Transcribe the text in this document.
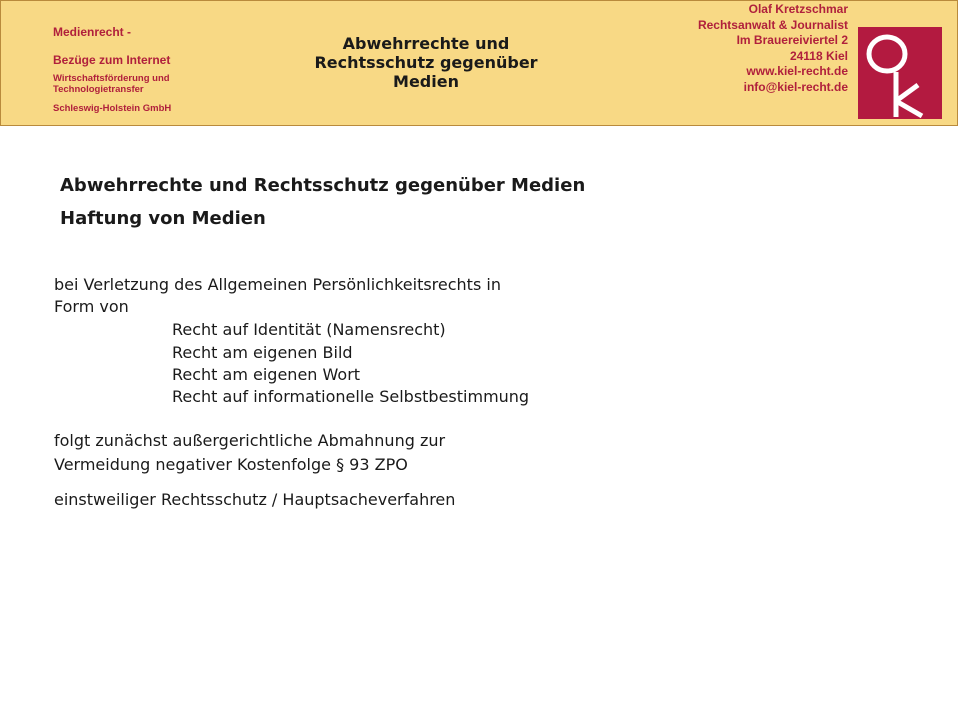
Medienrecht -
Bezüge zum Internet
Wirtschaftsförderung und
Technologietransfer
Schleswig-Holstein GmbH
Abwehrrechte und
Rechtsschutz gegenüber
Medien
Olaf Kretzschmar
Rechtsanwalt & Journalist
Im Brauereiviertel 2
24118 Kiel
www.kiel-recht.de
info@kiel-recht.de
Abwehrrechte und Rechtsschutz gegenüber Medien
Haftung von Medien
bei Verletzung des Allgemeinen Persönlichkeitsrechts in
Form von
Recht auf Identität (Namensrecht)
Recht am eigenen Bild
Recht am eigenen Wort
Recht auf informationelle Selbstbestimmung
folgt zunächst außergerichtliche Abmahnung zur
Vermeidung negativer Kostenfolge § 93 ZPO
einstweiliger Rechtsschutz / Hauptsacheverfahren
